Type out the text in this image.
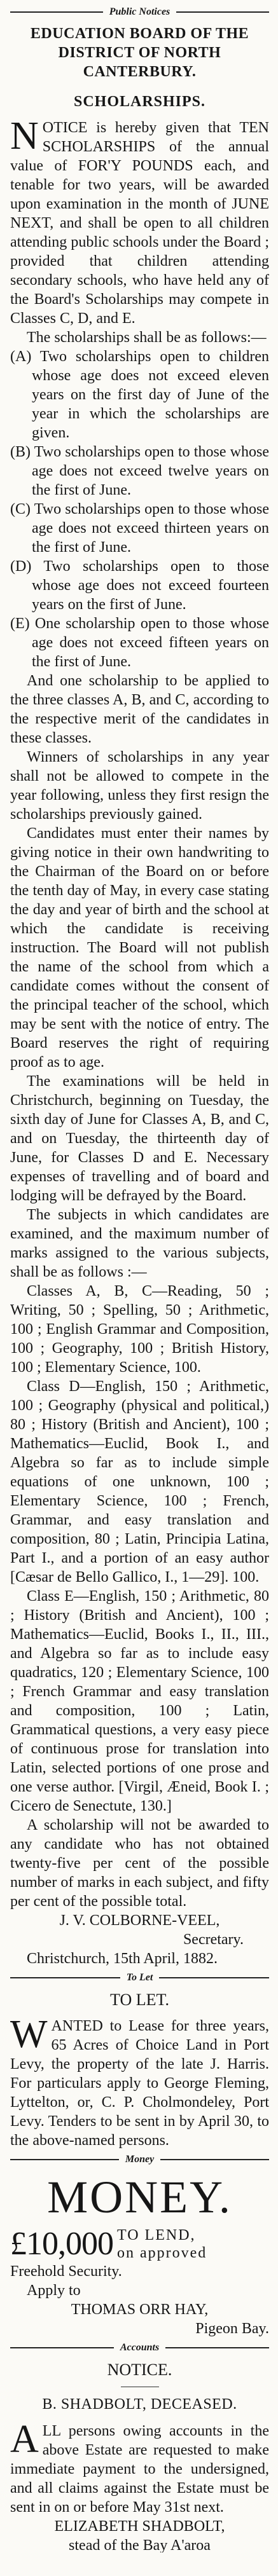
Public Notices
EDUCATION BOARD OF THE
DISTRICT OF NORTH
CANTERBURY.
SCHOLARSHIPS.
N OTICE is hereby given that TEN SCHOLARSHIPS of the annual value of FOR'Y POUNDS each, and tenable for two years, will be awarded upon examination in the month of JUNE NEXT, and shall be open to all children attending public schools under the Board ; provided that children attending secondary schools, who have held any of the Board's Scholarships may compete in Classes C, D, and E.

The scholarships shall be as follows:—

(A) Two scholarships open to children whose age does not exceed eleven years on the first day of June of the year in which the scholarships are given.
(B) Two scholarships open to those whose age does not exceed twelve years on the first of June.
(C) Two scholarships open to those whose age does not exceed thirteen years on the first of June.
(D) Two scholarships open to those whose age does not exceed fourteen years on the first of June.
(E) One scholarship open to those whose age does not exceed fifteen years on the first of June.

And one scholarship to be applied to the three classes A, B, and C, according to the respective merit of the candidates in these classes.

Winners of scholarships in any year shall not be allowed to compete in the year following, unless they first resign the scholarships previously gained.

Candidates must enter their names by giving notice in their own handwriting to the Chairman of the Board on or before the tenth day of May, in every case stating the day and year of birth and the school at which the candidate is receiving instruction. The Board will not publish the name of the school from which a candidate comes without the consent of the principal teacher of the school, which may be sent with the notice of entry. The Board reserves the right of requiring proof as to age.

The examinations will be held in Christchurch, beginning on Tuesday, the sixth day of June for Classes A, B, and C, and on Tuesday, the thirteenth day of June, for Classes D and E. Necessary expenses of travelling and of board and lodging will be defrayed by the Board.

The subjects in which candidates are examined, and the maximum number of marks assigned to the various subjects, shall be as follows :—

Classes A, B, C—Reading, 50 ; Writing, 50 ; Spelling, 50 ; Arithmetic, 100 ; English Grammar and Composition, 100 ; Geography, 100 ; British History, 100 ; Elementary Science, 100.

Class D—English, 150 ; Arithmetic, 100 ; Geography (physical and political,) 80 ; History (British and Ancient), 100 ; Mathematics—Euclid, Book I., and Algebra so far as to include simple equations of one unknown, 100 ; Elementary Science, 100 ; French, Grammar, and easy translation and composition, 80 ; Latin, Principia Latina, Part I., and a portion of an easy author [Cæsar de Bello Gallico, I., 1—29]. 100.

Class E—English, 150 ; Arithmetic, 80 ; History (British and Ancient), 100 ; Mathematics—Euclid, Books I., II., III., and Algebra so far as to include easy quadratics, 120 ; Elementary Science, 100 ; French Grammar and easy translation and composition, 100 ; Latin, Grammatical questions, a very easy piece of continuous prose for translation into Latin, selected portions of one prose and one verse author. [Virgil, Æneid, Book I. ; Cicero de Senectute, 130.]

A scholarship will not be awarded to any candidate who has not obtained twenty-five per cent of the possible number of marks in each subject, and fifty per cent of the possible total.

J. V. COLBORNE-VEEL,
Secretary.

Christchurch, 15th April, 1882.

To Let
TO LET.
W ANTED to Lease for three years, 65 Acres of Choice Land in Port Levy, the property of the late J. Harris. For particulars apply to George Fleming, Lyttelton, or, C. P. Cholmondeley, Port Levy. Tenders to be sent in by April 30, to the above-named persons.

Money
MONEY.
£10,000 TO LEND,
on approved

Freehold Security.

Apply to

THOMAS ORR HAY,
Pigeon Bay.
Accounts
NOTICE.
B. SHADBOLT, DECEASED.
A LL persons owing accounts in the above Estate are requested to make immediate payment to the undersigned, and all claims against the Estate must be sent in on or before May 31st next.

ELIZABETH SHADBOLT,
stead of the Bay A'aroa
